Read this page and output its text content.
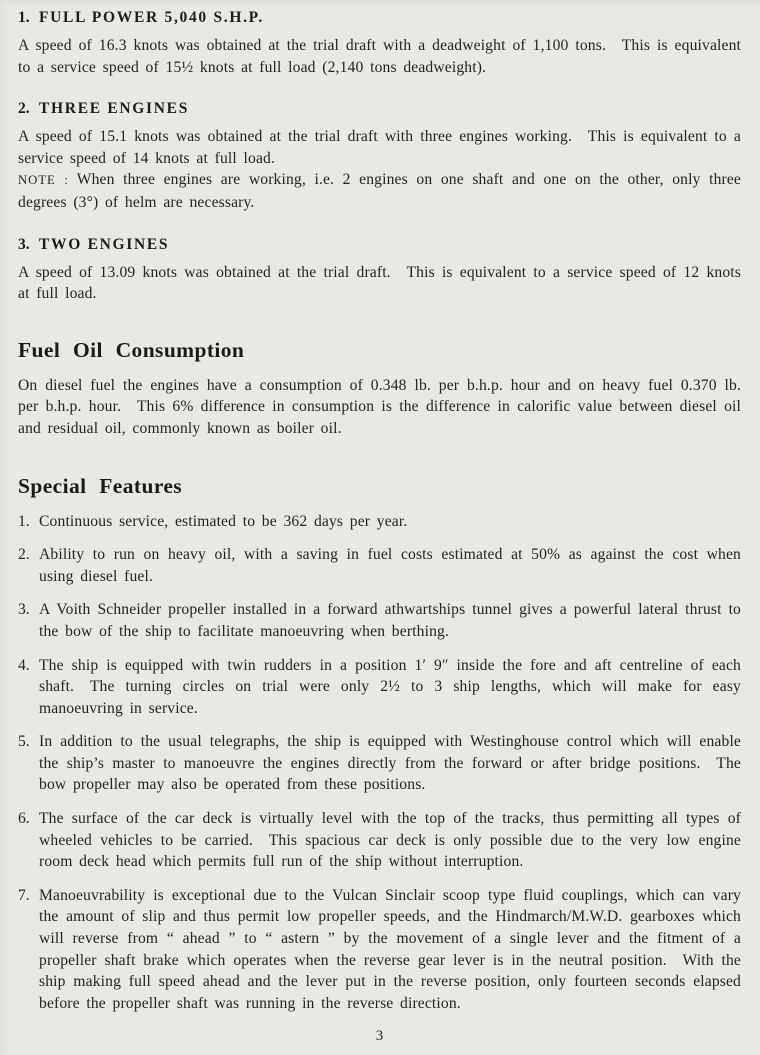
1. FULL POWER 5,040 S.H.P.

A speed of 16.3 knots was obtained at the trial draft with a deadweight of 1,100 tons. This is equivalent to a service speed of 15½ knots at full load (2,140 tons deadweight).

2. THREE ENGINES

A speed of 15.1 knots was obtained at the trial draft with three engines working. This is equivalent to a service speed of 14 knots at full load.

NOTE : When three engines are working, i.e. 2 engines on one shaft and one on the other, only three degrees (3°) of helm are necessary.

3. TWO ENGINES

A speed of 13.09 knots was obtained at the trial draft. This is equivalent to a service speed of 12 knots at full load.

Fuel Oil Consumption

On diesel fuel the engines have a consumption of 0.348 lb. per b.h.p. hour and on heavy fuel 0.370 lb. per b.h.p. hour. This 6% difference in consumption is the difference in calorific value between diesel oil and residual oil, commonly known as boiler oil.

Special Features
1. Continuous service, estimated to be 362 days per year.

2. Ability to run on heavy oil, with a saving in fuel costs estimated at 50% as against the cost when using diesel fuel.

3. A Voith Schneider propeller installed in a forward athwartships tunnel gives a powerful lateral thrust to the bow of the ship to facilitate manoeuvring when berthing.

4. The ship is equipped with twin rudders in a position 1′ 9″ inside the fore and aft centreline of each shaft. The turning circles on trial were only 2½ to 3 ship lengths, which will make for easy manoeuvring in service.

5. In addition to the usual telegraphs, the ship is equipped with Westinghouse control which will enable the ship’s master to manoeuvre the engines directly from the forward or after bridge positions. The bow propeller may also be operated from these positions.

6. The surface of the car deck is virtually level with the top of the tracks, thus permitting all types of wheeled vehicles to be carried. This spacious car deck is only possible due to the very low engine room deck head which permits full run of the ship without interruption.

7. Manoeuvrability is exceptional due to the Vulcan Sinclair scoop type fluid couplings, which can vary the amount of slip and thus permit low propeller speeds, and the Hindmarch/M.W.D. gearboxes which will reverse from “ ahead ” to “ astern ” by the movement of a single lever and the fitment of a propeller shaft brake which operates when the reverse gear lever is in the neutral position. With the ship making full speed ahead and the lever put in the reverse position, only fourteen seconds elapsed before the propeller shaft was running in the reverse direction.

3
